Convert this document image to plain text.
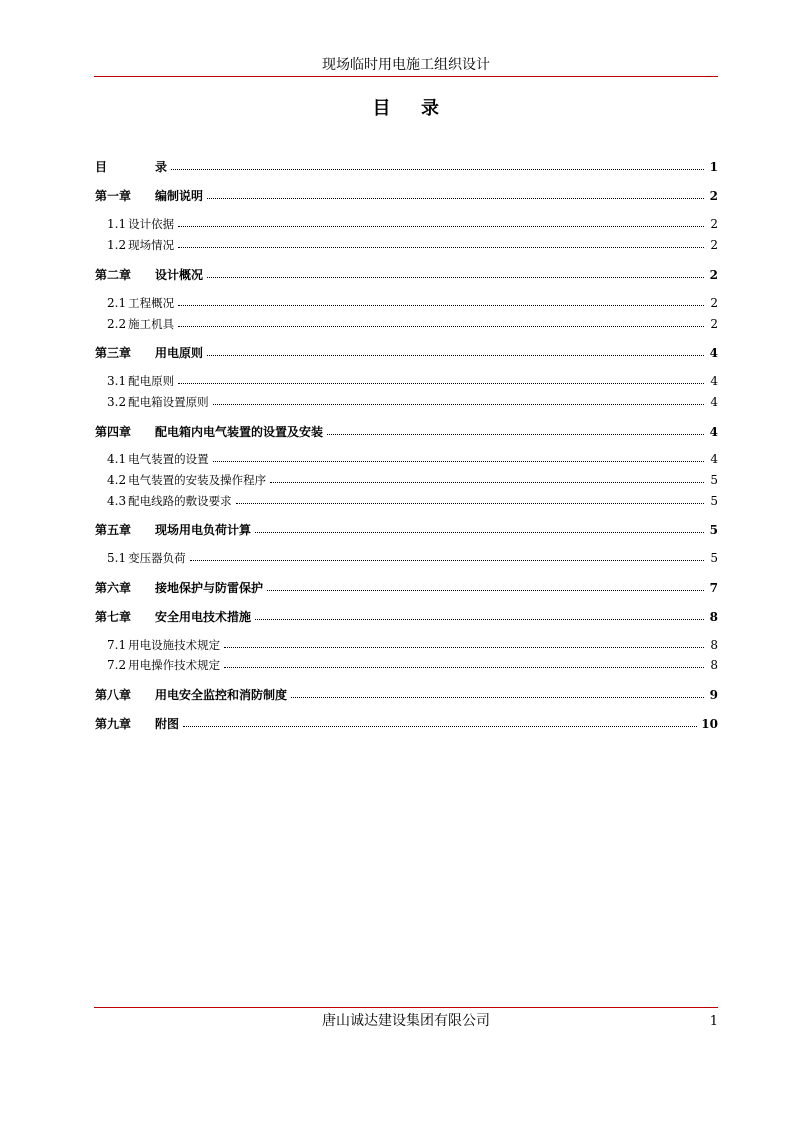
现场临时用电施工组织设计
目 录
目	录	1
第一章	编制说明	2
1.1 设计依据	2
1.2 现场情况	2
第二章	设计概况	2
2.1 工程概况	2
2.2 施工机具	2
第三章	用电原则	4
3.1 配电原则	4
3.2 配电箱设置原则	4
第四章	配电箱内电气装置的设置及安装	4
4.1 电气装置的设置	4
4.2 电气装置的安装及操作程序	5
4.3 配电线路的敷设要求	5
第五章	现场用电负荷计算	5
5.1 变压器负荷	5
第六章	接地保护与防雷保护	7
第七章	安全用电技术措施	8
7.1 用电设施技术规定	8
7.2 用电操作技术规定	8
第八章	用电安全监控和消防制度	9
第九章	附图	10
唐山诚达建设集团有限公司	1
